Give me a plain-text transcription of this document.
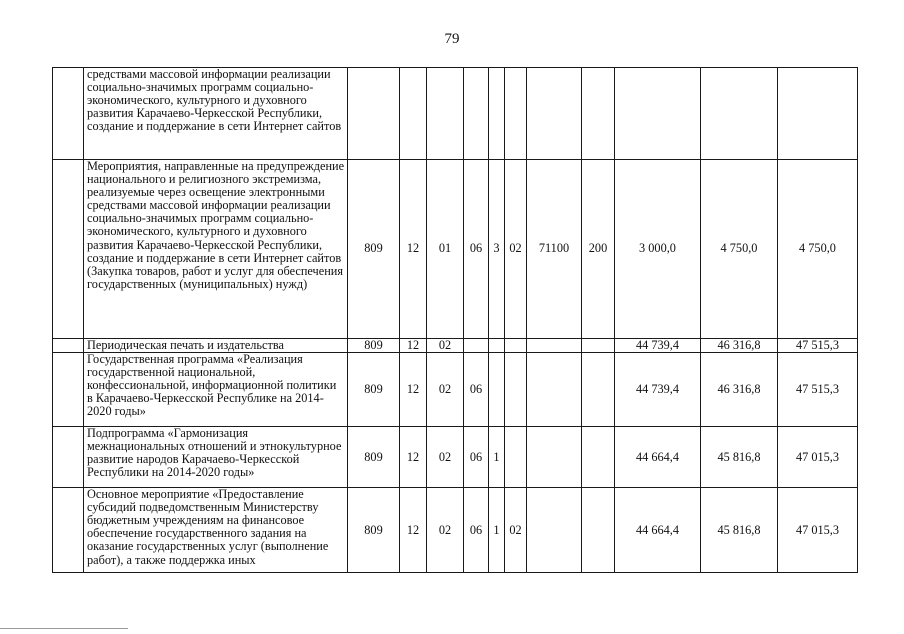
79
	средствами массовой информации реализации социально-значимых программ социально-экономического, культурного и духовного развития Карачаево-Черкесской Республики, создание и поддержание в сети Интернет сайтов											
	Мероприятия, направленные на предупреждение национального и религиозного экстремизма, реализуемые через освещение электронными средствами массовой информации реализации социально-значимых программ социально-экономического, культурного и духовного развития Карачаево-Черкесской Республики, создание и поддержание в сети Интернет сайтов (Закупка товаров, работ и услуг для обеспечения государственных (муниципальных) нужд)	809	12	01	06	3	02	71100	200	3 000,0	4 750,0	4 750,0
	Периодическая печать и издательства	809	12	02						44 739,4	46 316,8	47 515,3
	Государственная программа «Реализация государственной национальной, конфессиональной, информационной политики в Карачаево-Черкесской Республике на 2014-2020 годы»	809	12	02	06					44 739,4	46 316,8	47 515,3
	Подпрограмма «Гармонизация межнациональных отношений и этнокультурное развитие народов Карачаево-Черкесской Республики на 2014-2020 годы»	809	12	02	06	1				44 664,4	45 816,8	47 015,3
	Основное мероприятие «Предоставление субсидий подведомственным Министерству бюджетным учреждениям на финансовое обеспечение государственного задания на оказание государственных услуг (выполнение работ), а также поддержка иных	809	12	02	06	1	02			44 664,4	45 816,8	47 015,3
